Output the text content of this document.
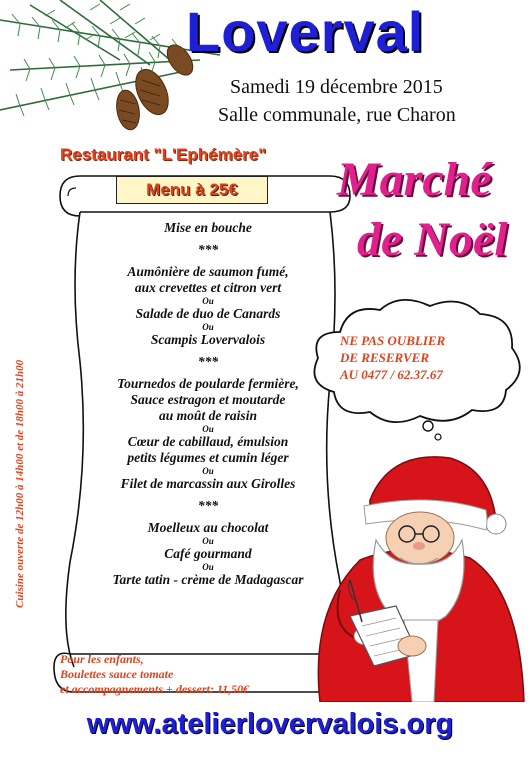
Loverval
Samedi 19 décembre 2015
Salle communale, rue Charon
Restaurant "L'Ephémère"
Menu à 25€
Mise en bouche
***
Aumônière de saumon fumé,
aux crevettes et citron vert
Ou
Salade de duo de Canards
Ou
Scampis Lovervalois
***
Tournedos de poularde fermière,
Sauce estragon et moutarde
au moût de raisin
Ou
Cœur de cabillaud, émulsion
petits légumes et cumin léger
Ou
Filet de marcassin aux Girolles
***
Moelleux au chocolat
Ou
Café gourmand
Ou
Tarte tatin - crème de Madagascar
Pour les enfants,
Boulettes sauce tomate
et accompagnements + dessert: 11,50€
Cuisine ouverte de 12h00 à 14h00 et de 18h00 à 21h00
Marché
de Noël
NE PAS OUBLIER
DE RESERVER
AU 0477 / 62.37.67
www.atelierlovervalois.org
